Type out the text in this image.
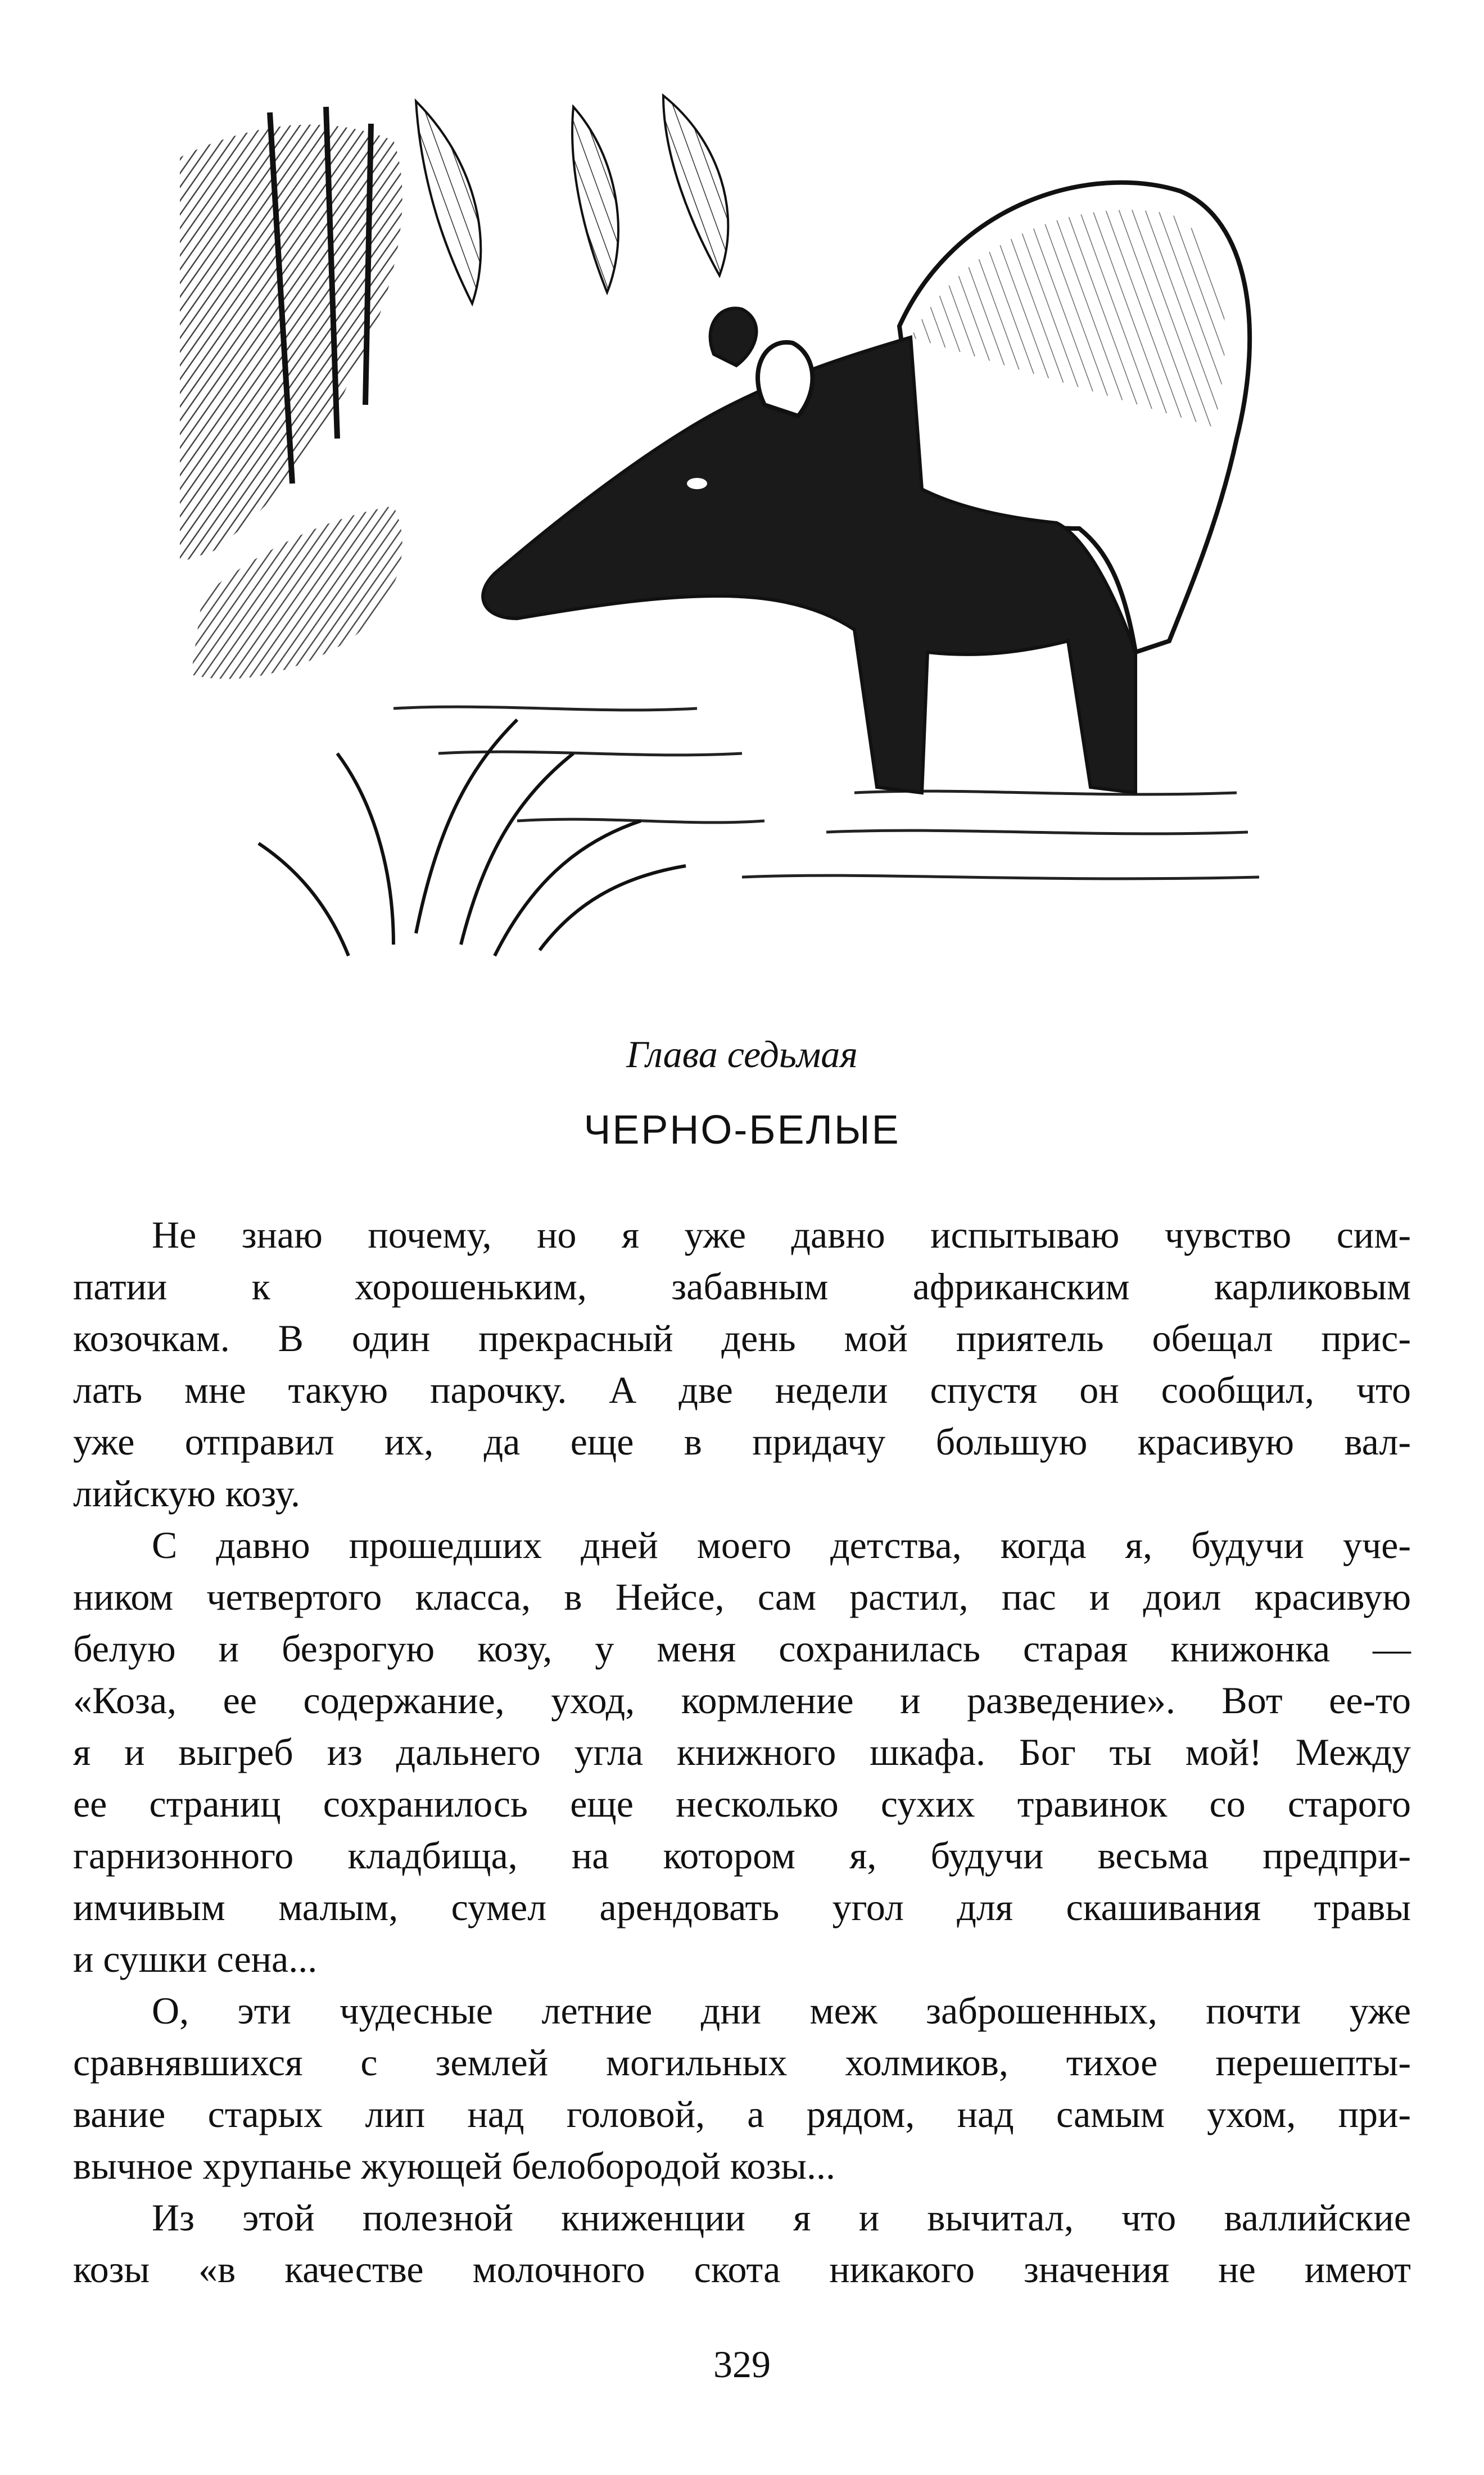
Глава седьмая
ЧЕРНО-БЕЛЫЕ
Не знаю почему, но я уже давно испытываю чувство сим-
патии к хорошеньким, забавным африканским карликовым
козочкам. В один прекрасный день мой приятель обещал прис-
лать мне такую парочку. А две недели спустя он сообщил, что
уже отправил их, да еще в придачу большую красивую вал-
лийскую козу.
С давно прошедших дней моего детства, когда я, будучи уче-
ником четвертого класса, в Нейсе, сам растил, пас и доил красивую
белую и безрогую козу, у меня сохранилась старая книжонка —
«Коза, ее содержание, уход, кормление и разведение». Вот ее-то
я и выгреб из дальнего угла книжного шкафа. Бог ты мой! Между
ее страниц сохранилось еще несколько сухих травинок со старого
гарнизонного кладбища, на котором я, будучи весьма предпри-
имчивым малым, сумел арендовать угол для скашивания травы
и сушки сена...
О, эти чудесные летние дни меж заброшенных, почти уже
сравнявшихся с землей могильных холмиков, тихое перешепты-
вание старых лип над головой, а рядом, над самым ухом, при-
вычное хрупанье жующей белобородой козы...
Из этой полезной книженции я и вычитал, что валлийские
козы «в качестве молочного скота никакого значения не имеют
329
